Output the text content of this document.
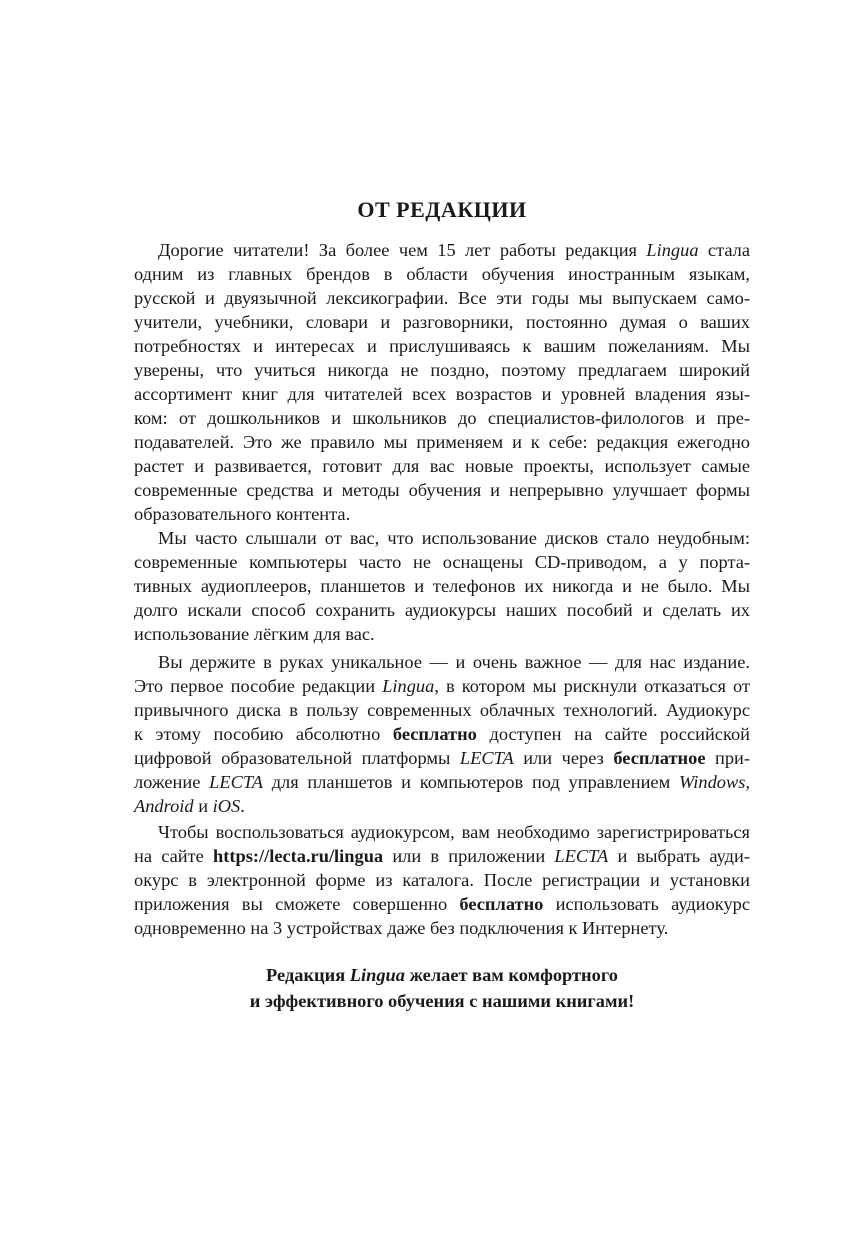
ОТ РЕДАКЦИИ
Дорогие читатели! За более чем 15 лет работы редакция Lingua стала
одним из главных брендов в области обучения иностранным языкам,
русской и двуязычной лексикографии. Все эти годы мы выпускаем само-
учители, учебники, словари и разговорники, постоянно думая о ваших
потребностях и интересах и прислушиваясь к вашим пожеланиям. Мы
уверены, что учиться никогда не поздно, поэтому предлагаем широкий
ассортимент книг для читателей всех возрастов и уровней владения язы-
ком: от дошкольников и школьников до специалистов-филологов и пре-
подавателей. Это же правило мы применяем и к себе: редакция ежегодно
растет и развивается, готовит для вас новые проекты, использует самые
современные средства и методы обучения и непрерывно улучшает формы
образовательного контента.
Мы часто слышали от вас, что использование дисков стало неудобным:
современные компьютеры часто не оснащены CD-приводом, а у порта-
тивных аудиоплееров, планшетов и телефонов их никогда и не было. Мы
долго искали способ сохранить аудиокурсы наших пособий и сделать их
использование лёгким для вас.
Вы держите в руках уникальное — и очень важное — для нас издание.
Это первое пособие редакции Lingua, в котором мы рискнули отказаться от
привычного диска в пользу современных облачных технологий. Аудиокурс
к этому пособию абсолютно бесплатно доступен на сайте российской
цифровой образовательной платформы LECTA или через бесплатное при-
ложение LECTA для планшетов и компьютеров под управлением Windows,
Android и iOS.
Чтобы воспользоваться аудиокурсом, вам необходимо зарегистрироваться
на сайте https://lecta.ru/lingua или в приложении LECTA и выбрать ауди-
окурс в электронной форме из каталога. После регистрации и установки
приложения вы сможете совершенно бесплатно использовать аудиокурс
одновременно на 3 устройствах даже без подключения к Интернету.
Редакция Lingua желает вам комфортного
и эффективного обучения с нашими книгами!
